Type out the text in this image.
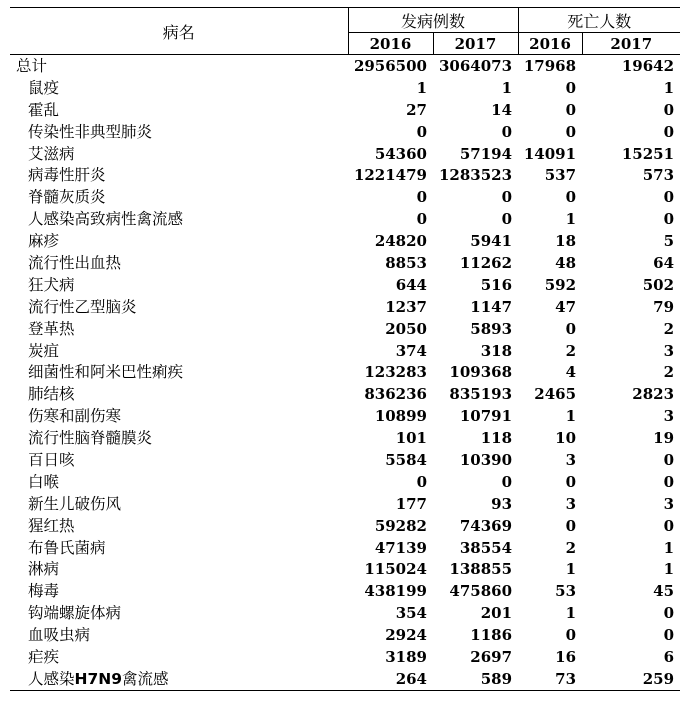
病名	发病例数		死亡人数	
	2016	2017	2016	2017
总计	2956500	3064073	17968	19642
鼠疫	1	1	0	1
霍乱	27	14	0	0
传染性非典型肺炎	0	0	0	0
艾滋病	54360	57194	14091	15251
病毒性肝炎	1221479	1283523	537	573
脊髓灰质炎	0	0	0	0
人感染高致病性禽流感	0	0	1	0
麻疹	24820	5941	18	5
流行性出血热	8853	11262	48	64
狂犬病	644	516	592	502
流行性乙型脑炎	1237	1147	47	79
登革热	2050	5893	0	2
炭疽	374	318	2	3
细菌性和阿米巴性痢疾	123283	109368	4	2
肺结核	836236	835193	2465	2823
伤寒和副伤寒	10899	10791	1	3
流行性脑脊髓膜炎	101	118	10	19
百日咳	5584	10390	3	0
白喉	0	0	0	0
新生儿破伤风	177	93	3	3
猩红热	59282	74369	0	0
布鲁氏菌病	47139	38554	2	1
淋病	115024	138855	1	1
梅毒	438199	475860	53	45
钩端螺旋体病	354	201	1	0
血吸虫病	2924	1186	0	0
疟疾	3189	2697	16	6
人感染H7N9禽流感	264	589	73	259
